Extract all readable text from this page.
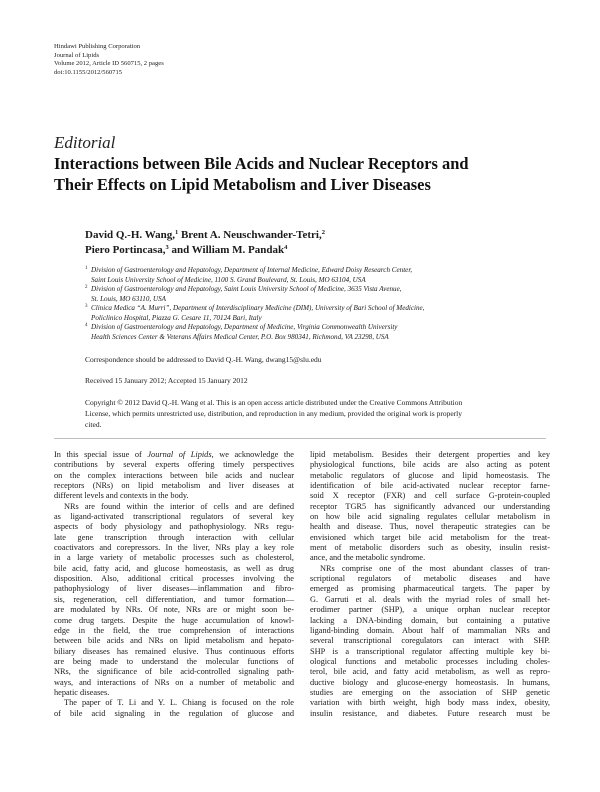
Hindawi Publishing Corporation
Journal of Lipids
Volume 2012, Article ID 560715, 2 pages
doi:10.1155/2012/560715
Editorial
Interactions between Bile Acids and Nuclear Receptors and
Their Effects on Lipid Metabolism and Liver Diseases
David Q.-H. Wang,$^1$ Brent A. Neuschwander-Tetri,$^2$
Piero Portincasa,$^3$ and William M. Pandak$^4$
1 Division of Gastroenterology and Hepatology, Department of Internal Medicine, Edward Doisy Research Center,
Saint Louis University School of Medicine, 1100 S. Grand Boulevard, St. Louis, MO 63104, USA
2 Division of Gastroenterology and Hepatology, Saint Louis University School of Medicine, 3635 Vista Avenue,
St. Louis, MO 63110, USA
3 Clinica Medica “A. Murri”, Department of Interdisciplinary Medicine (DIM), University of Bari School of Medicine,
Policlinico Hospital, Piazza G. Cesare 11, 70124 Bari, Italy
4 Division of Gastroenterology and Hepatology, Department of Medicine, Virginia Commonwealth University
Health Sciences Center & Veterans Affairs Medical Center, P.O. Box 980341, Richmond, VA 23298, USA
Correspondence should be addressed to David Q.-H. Wang, dwang15@slu.edu
Received 15 January 2012; Accepted 15 January 2012
Copyright © 2012 David Q.-H. Wang et al. This is an open access article distributed under the Creative Commons Attribution
License, which permits unrestricted use, distribution, and reproduction in any medium, provided the original work is properly
cited.

In this special issue of Journal of Lipids, we acknowledge the
contributions by several experts offering timely perspectives
on the complex interactions between bile acids and nuclear
receptors (NRs) on lipid metabolism and liver diseases at
different levels and contexts in the body.

NRs are found within the interior of cells and are defined
as ligand-activated transcriptional regulators of several key
aspects of body physiology and pathophysiology. NRs regu-
late gene transcription through interaction with cellular
coactivators and corepressors. In the liver, NRs play a key role
in a large variety of metabolic processes such as cholesterol,
bile acid, fatty acid, and glucose homeostasis, as well as drug
disposition. Also, additional critical processes involving the
pathophysiology of liver diseases—inflammation and fibro-
sis, regeneration, cell differentiation, and tumor formation—
are modulated by NRs. Of note, NRs are or might soon be-
come drug targets. Despite the huge accumulation of knowl-
edge in the field, the true comprehension of interactions
between bile acids and NRs on lipid metabolism and hepato-
biliary diseases has remained elusive. Thus continuous efforts
are being made to understand the molecular functions of
NRs, the significance of bile acid-controlled signaling path-
ways, and interactions of NRs on a number of metabolic and
hepatic diseases.

The paper of T. Li and Y. L. Chiang is focused on the role
of bile acid signaling in the regulation of glucose and

lipid metabolism. Besides their detergent properties and key
physiological functions, bile acids are also acting as potent
metabolic regulators of glucose and lipid homeostasis. The
identification of bile acid-activated nuclear receptor farne-
soid X receptor (FXR) and cell surface G-protein-coupled
receptor TGR5 has significantly advanced our understanding
on how bile acid signaling regulates cellular metabolism in
health and disease. Thus, novel therapeutic strategies can be
envisioned which target bile acid metabolism for the treat-
ment of metabolic disorders such as obesity, insulin resist-
ance, and the metabolic syndrome.

NRs comprise one of the most abundant classes of tran-
scriptional regulators of metabolic diseases and have
emerged as promising pharmaceutical targets. The paper by
G. Garruti et al. deals with the myriad roles of small het-
erodimer partner (SHP), a unique orphan nuclear receptor
lacking a DNA-binding domain, but containing a putative
ligand-binding domain. About half of mammalian NRs and
several transcriptional coregulators can interact with SHP.
SHP is a transcriptional regulator affecting multiple key bi-
ological functions and metabolic processes including choles-
terol, bile acid, and fatty acid metabolism, as well as repro-
ductive biology and glucose-energy homeostasis. In humans,
studies are emerging on the association of SHP genetic
variation with birth weight, high body mass index, obesity,
insulin resistance, and diabetes. Future research must be
